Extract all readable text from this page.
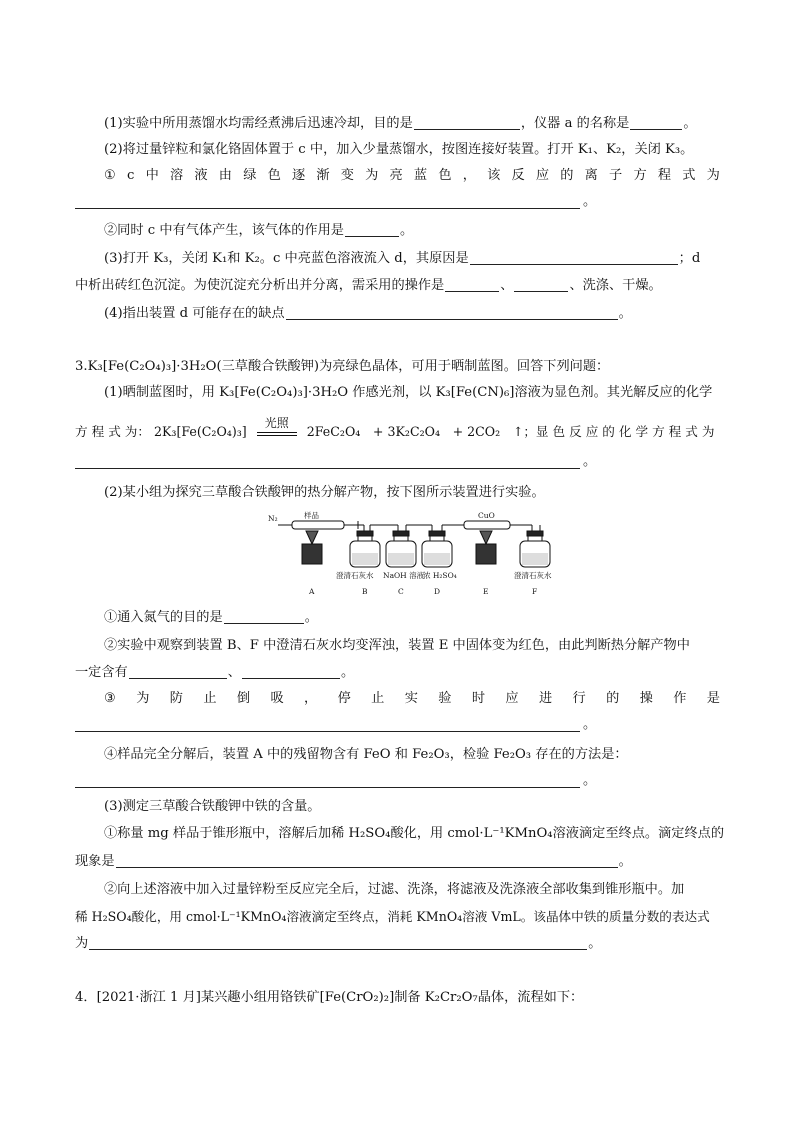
(1)实验中所用蒸馏水均需经煮沸后迅速冷却，目的是	，仪器 a 的名称是	。
(2)将过量锌粒和氯化铬固体置于 c 中，加入少量蒸馏水，按图连接好装置。打开 K₁、K₂，关闭 K₃。
① c 中 溶 液 由 绿 色 逐 渐 变 为 亮 蓝 色 ， 该 反 应 的 离 子 方 程 式 为
。
②同时 c 中有气体产生，该气体的作用是	。
(3)打开 K₃，关闭 K₁和 K₂。c 中亮蓝色溶液流入 d，其原因是	；d
中析出砖红色沉淀。为使沉淀充分析出并分离，需采用的操作是	、	、洗涤、干燥。
(4)指出装置 d 可能存在的缺点	。
3.K₃[Fe(C₂O₄)₃]·3H₂O(三草酸合铁酸钾)为亮绿色晶体，可用于晒制蓝图。回答下列问题：
(1)晒制蓝图时，用 K₃[Fe(C₂O₄)₃]·3H₂O 作感光剂，以 K₃[Fe(CN)₆]溶液为显色剂。其光解反应的化学
方 程 式 为： 2K₃[Fe(C₂O₄)₃] 光照
2FeC₂O₄　+ 3K₂C₂O₄　+ 2CO₂　↑；显 色 反 应 的 化 学 方 程 式 为
。
(2)某小组为探究三草酸合铁酸钾的热分解产物，按下图所示装置进行实验。
N₂	样品	CuO
澄清石灰水 NaOH 溶液
浓 H₂SO₄	澄清石灰水
A	B	C	D	E	F
①通入氮气的目的是	。
②实验中观察到装置 B、F 中澄清石灰水均变浑浊，装置 E 中固体变为红色，由此判断热分解产物中
一定含有	、	。
③ 为 防 止 倒 吸 ， 停 止 实 验 时 应 进 行 的 操 作 是
。
④样品完全分解后，装置 A 中的残留物含有 FeO 和 Fe₂O₃，检验 Fe₂O₃ 存在的方法是：
。
(3)测定三草酸合铁酸钾中铁的含量。
①称量 mg 样品于锥形瓶中，溶解后加稀 H₂SO₄酸化，用 cmol·L⁻¹KMnO₄溶液滴定至终点。滴定终点的
现象是	。
②向上述溶液中加入过量锌粉至反应完全后，过滤、洗涤，将滤液及洗涤液全部收集到锥形瓶中。加
稀 H₂SO₄酸化，用 cmol·L⁻¹KMnO₄溶液滴定至终点，消耗 KMnO₄溶液 VmL。该晶体中铁的质量分数的表达式
为	。
4．[2021·浙江 1 月]某兴趣小组用铬铁矿[Fe(CrO₂)₂]制备 K₂Cr₂O₇晶体，流程如下：
